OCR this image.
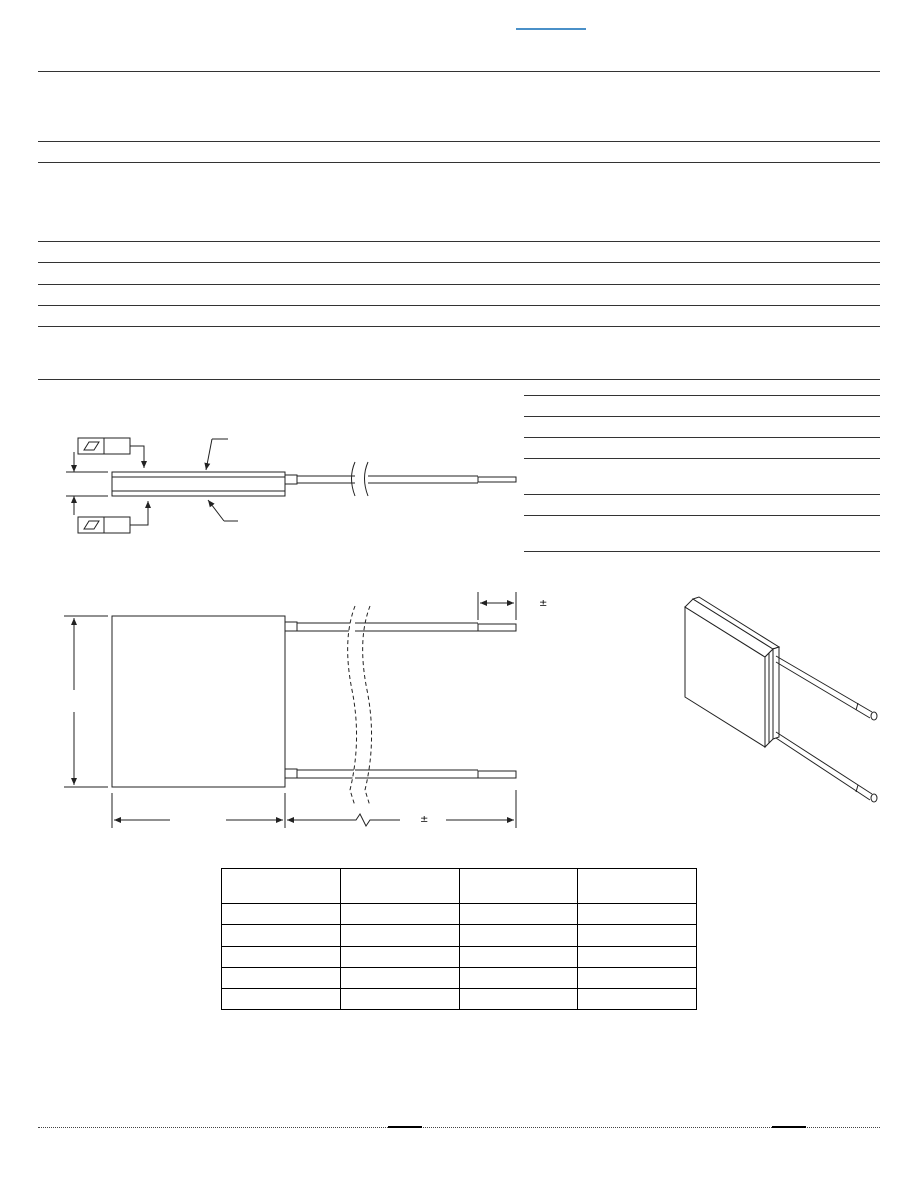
±
±
